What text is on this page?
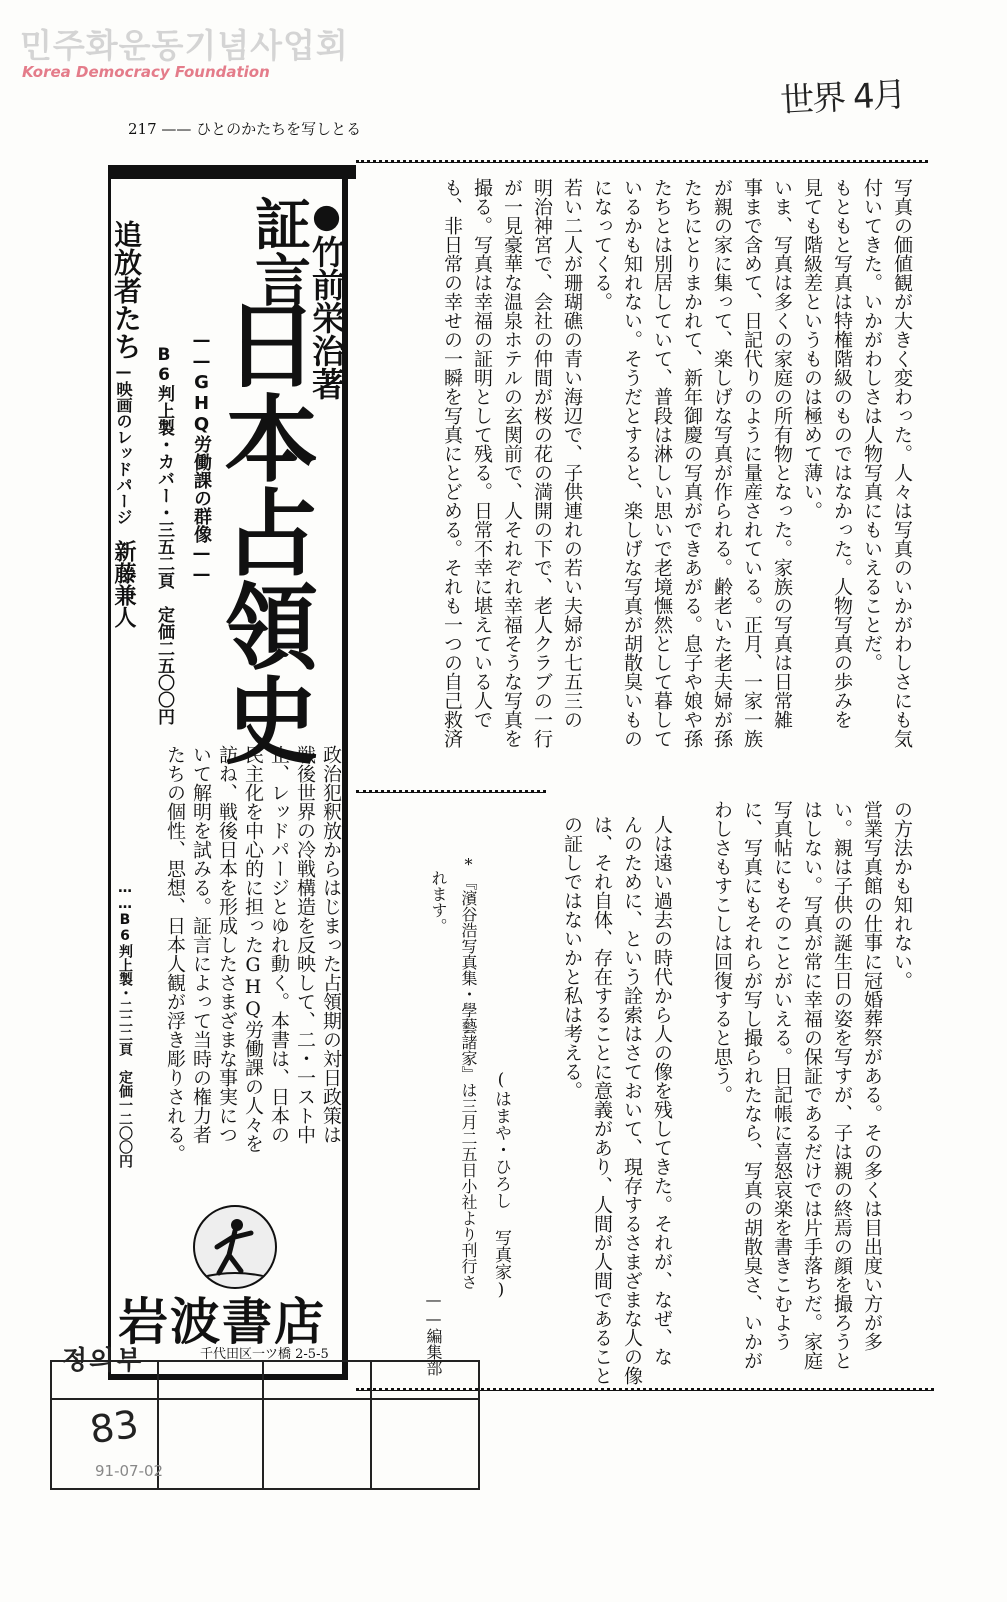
민주화운동기념사업회
Korea Democracy Foundation
世界 4月
217 —— ひとのかたちを写しとる
写真の価値観が大きく変わった。人々は写真のいかがわしさにも気
付いてきた。いかがわしさは人物写真にもいえることだ。
もともと写真は特権階級のものではなかった。人物写真の歩みを
見ても階級差というものは極めて薄い。
いま、写真は多くの家庭の所有物となった。家族の写真は日常雑
事まで含めて、日記代りのように量産されている。正月、一家一族
が親の家に集って、楽しげな写真が作られる。齢老いた老夫婦が孫
たちにとりまかれて、新年御慶の写真ができあがる。息子や娘や孫
たちとは別居していて、普段は淋しい思いで老境憮然として暮して
いるかも知れない。そうだとすると、楽しげな写真が胡散臭いもの
になってくる。
若い二人が珊瑚礁の青い海辺で、子供連れの若い夫婦が七五三の
明治神宮で、会社の仲間が桜の花の満開の下で、老人クラブの一行
が一見豪華な温泉ホテルの玄関前で、人それぞれ幸福そうな写真を
撮る。写真は幸福の証明として残る。日常不幸に堪えている人で
も、非日常の幸せの一瞬を写真にとどめる。それも一つの自己救済
の方法かも知れない。
営業写真館の仕事に冠婚葬祭がある。その多くは目出度い方が多
い。親は子供の誕生日の姿を写すが、子は親の終焉の顔を撮ろうと
はしない。写真が常に幸福の保証であるだけでは片手落ちだ。家庭
写真帖にもそのことがいえる。日記帳に喜怒哀楽を書きこむよう
に、写真にもそれらが写し撮られたなら、写真の胡散臭さ、いかが
わしさもすこしは回復すると思う。
人は遠い過去の時代から人の像を残してきた。それが、なぜ、な
んのために、という詮索はさておいて、現存するさまざまな人の像
は、それ自体、存在することに意義があり、人間が人間であること
の証しではないかと私は考える。
(はまや・ひろし 写真家)
*『濱谷浩写真集・學藝諸家』は三月二五日小社より刊行さ
れます。
——編集部
●竹前栄治著
証言
日本占領史
——GHQ労働課の群像——
B6判上製・カバー・三五二頁　定価二五〇〇円
追放者たち
—映画のレッドパージ
新藤兼人
政治犯釈放からはじまった占領期の対日政策は
戦後世界の冷戦構造を反映して、二・一スト中
止、レッドパージとゆれ動く。本書は、日本の
民主化を中心的に担ったGHQ労働課の人々を
訪ね、戦後日本を形成したさまざまな事実につ
いて解明を試みる。証言によって当時の権力者
たちの個性、思想、日本人観が浮き彫りされる。
……B6判上製・二二二頁　定価一二〇〇円
岩波書店
千代田区一ツ橋 2-5-5
정의부
83
91-07-02
